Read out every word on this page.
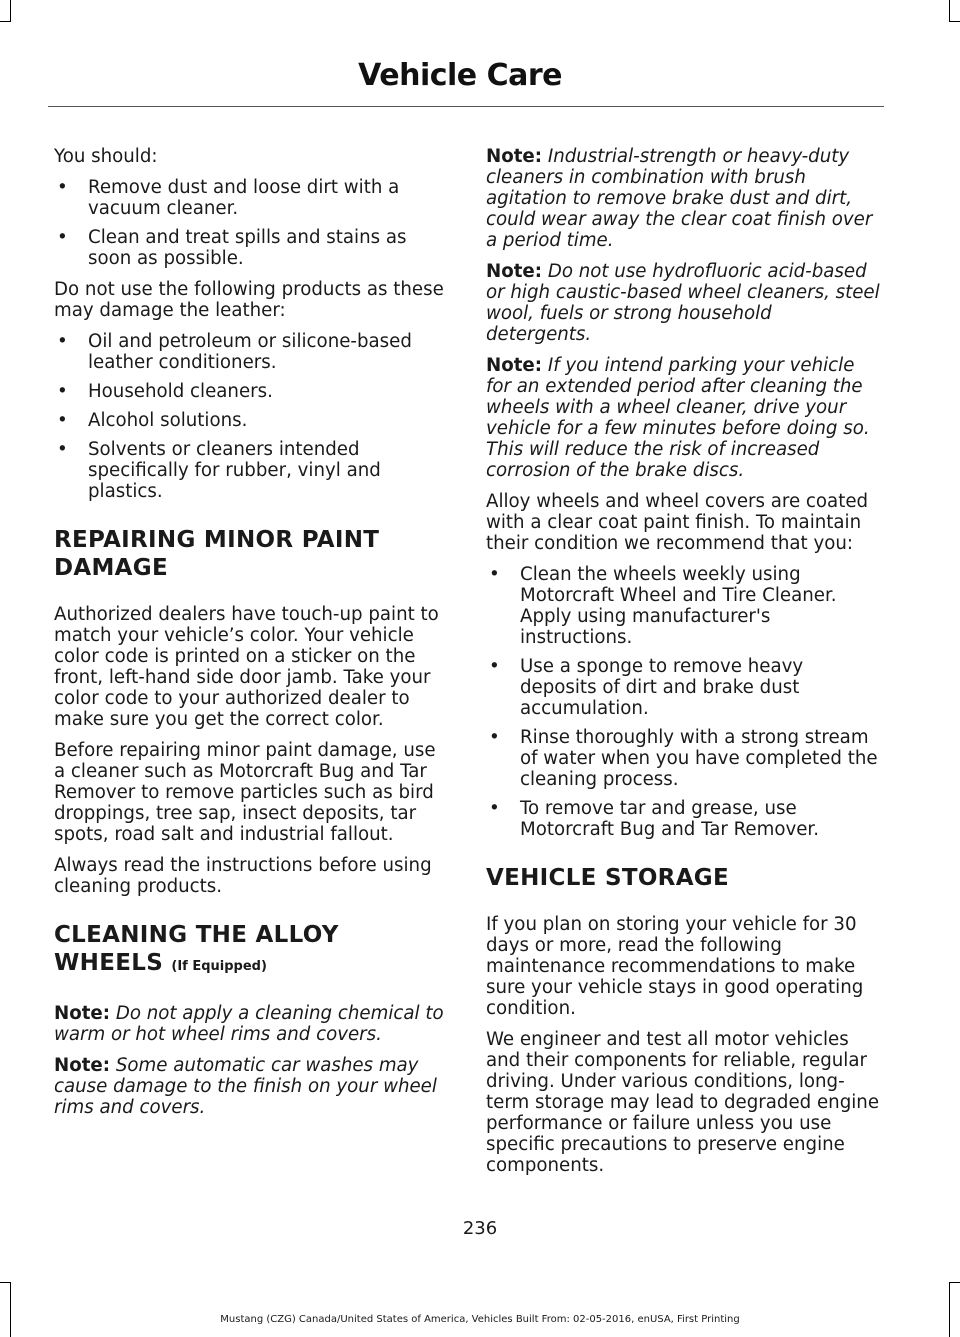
Vehicle Care

You should:

• Remove dust and loose dirt with a vacuum cleaner.
• Clean and treat spills and stains as soon as possible.

Do not use the following products as these may damage the leather:

• Oil and petroleum or silicone-based leather conditioners.
• Household cleaners.
• Alcohol solutions.
• Solvents or cleaners intended specifically for rubber, vinyl and plastics.
REPAIRING MINOR PAINT DAMAGE

Authorized dealers have touch-up paint to match your vehicle’s color. Your vehicle color code is printed on a sticker on the front, left-hand side door jamb. Take your color code to your authorized dealer to make sure you get the correct color.

Before repairing minor paint damage, use a cleaner such as Motorcraft Bug and Tar Remover to remove particles such as bird droppings, tree sap, insect deposits, tar spots, road salt and industrial fallout.

Always read the instructions before using cleaning products.

CLEANING THE ALLOY WHEELS (If Equipped)

Note: Do not apply a cleaning chemical to warm or hot wheel rims and covers.

Note: Some automatic car washes may cause damage to the finish on your wheel rims and covers.

Note: Industrial-strength or heavy-duty cleaners in combination with brush agitation to remove brake dust and dirt, could wear away the clear coat finish over a period time.

Note: Do not use hydrofluoric acid-based or high caustic-based wheel cleaners, steel wool, fuels or strong household detergents.

Note: If you intend parking your vehicle for an extended period after cleaning the wheels with a wheel cleaner, drive your vehicle for a few minutes before doing so. This will reduce the risk of increased corrosion of the brake discs.

Alloy wheels and wheel covers are coated with a clear coat paint finish. To maintain their condition we recommend that you:

• Clean the wheels weekly using Motorcraft Wheel and Tire Cleaner. Apply using manufacturer's instructions.
• Use a sponge to remove heavy deposits of dirt and brake dust accumulation.
• Rinse thoroughly with a strong stream of water when you have completed the cleaning process.
• To remove tar and grease, use Motorcraft Bug and Tar Remover.
VEHICLE STORAGE

If you plan on storing your vehicle for 30 days or more, read the following maintenance recommendations to make sure your vehicle stays in good operating condition.

We engineer and test all motor vehicles and their components for reliable, regular driving. Under various conditions, long-term storage may lead to degraded engine performance or failure unless you use specific precautions to preserve engine components.

236
Mustang (CZG) Canada/United States of America, Vehicles Built From: 02-05-2016, enUSA, First Printing
